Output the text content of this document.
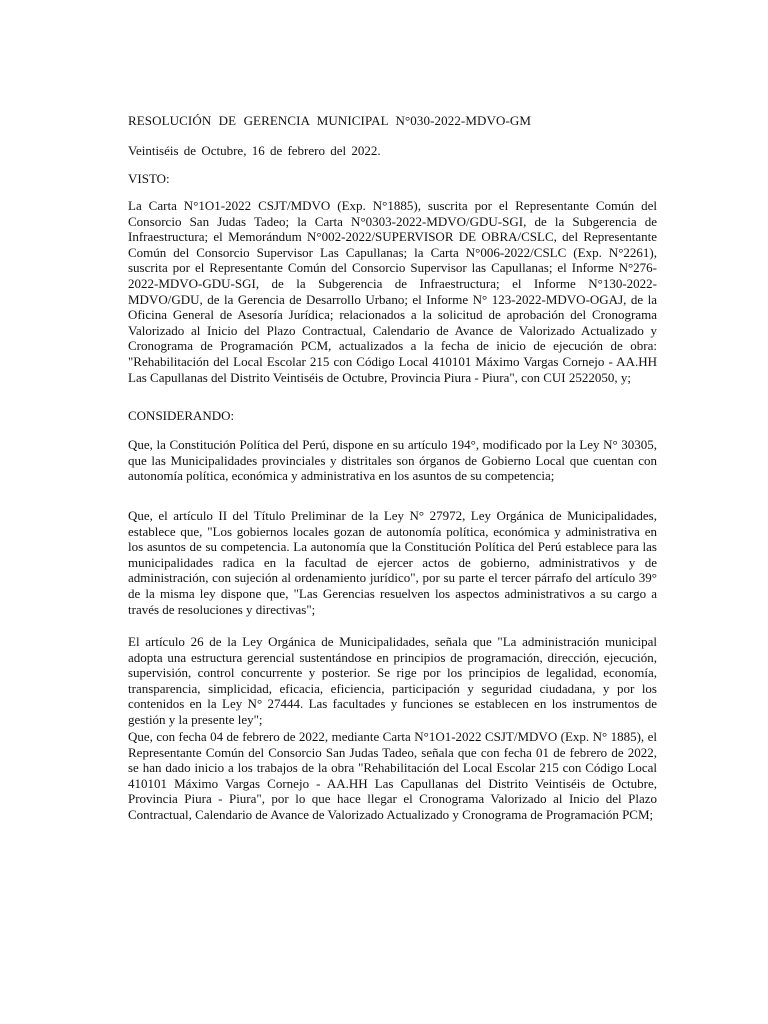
RESOLUCIÓN DE GERENCIA MUNICIPAL N°030-2022-MDVO-GM

Veintiséis de Octubre, 16 de febrero del 2022.

VISTO:

La Carta N°1O1-2022 CSJT/MDVO (Exp. N°1885), suscrita por el Representante Común del Consorcio San Judas Tadeo; la Carta N°0303-2022-MDVO/GDU-SGI, de la Subgerencia de Infraestructura; el Memorándum N°002-2022/SUPERVISOR DE OBRA/CSLC, del Representante Común del Consorcio Supervisor Las Capullanas; la Carta N°006-2022/CSLC (Exp. N°2261), suscrita por el Representante Común del Consorcio Supervisor las Capullanas; el Informe N°276-2022-MDVO-GDU-SGI, de la Subgerencia de Infraestructura; el Informe N°130-2022-MDVO/GDU, de la Gerencia de Desarrollo Urbano; el Informe N° 123-2022-MDVO-OGAJ, de la Oficina General de Asesoría Jurídica; relacionados a la solicitud de aprobación del Cronograma Valorizado al Inicio del Plazo Contractual, Calendario de Avance de Valorizado Actualizado y Cronograma de Programación PCM, actualizados a la fecha de inicio de ejecución de obra: "Rehabilitación del Local Escolar 215 con Código Local 410101 Máximo Vargas Cornejo - AA.HH Las Capullanas del Distrito Veintiséis de Octubre, Provincia Piura - Piura", con CUI 2522050, y;

CONSIDERANDO:

Que, la Constitución Política del Perú, dispone en su artículo 194°, modificado por la Ley N° 30305, que las Municipalidades provinciales y distritales son órganos de Gobierno Local que cuentan con autonomía política, económica y administrativa en los asuntos de su competencia;

Que, el artículo II del Título Preliminar de la Ley N° 27972, Ley Orgánica de Municipalidades, establece que, "Los gobiernos locales gozan de autonomía política, económica y administrativa en los asuntos de su competencia. La autonomía que la Constitución Política del Perú establece para las municipalidades radica en la facultad de ejercer actos de gobierno, administrativos y de administración, con sujeción al ordenamiento jurídico", por su parte el tercer párrafo del artículo 39° de la misma ley dispone que, "Las Gerencias resuelven los aspectos administrativos a su cargo a través de resoluciones y directivas";

El artículo 26 de la Ley Orgánica de Municipalidades, señala que "La administración municipal adopta una estructura gerencial sustentándose en principios de programación, dirección, ejecución, supervisión, control concurrente y posterior. Se rige por los principios de legalidad, economía, transparencia, simplicidad, eficacia, eficiencia, participación y seguridad ciudadana, y por los contenidos en la Ley N° 27444. Las facultades y funciones se establecen en los instrumentos de gestión y la presente ley";

Que, con fecha 04 de febrero de 2022, mediante Carta N°1O1-2022 CSJT/MDVO (Exp. N° 1885), el Representante Común del Consorcio San Judas Tadeo, señala que con fecha 01 de febrero de 2022, se han dado inicio a los trabajos de la obra "Rehabilitación del Local Escolar 215 con Código Local 410101 Máximo Vargas Cornejo - AA.HH Las Capullanas del Distrito Veintiséis de Octubre, Provincia Piura - Piura", por lo que hace llegar el Cronograma Valorizado al Inicio del Plazo Contractual, Calendario de Avance de Valorizado Actualizado y Cronograma de Programación PCM;
